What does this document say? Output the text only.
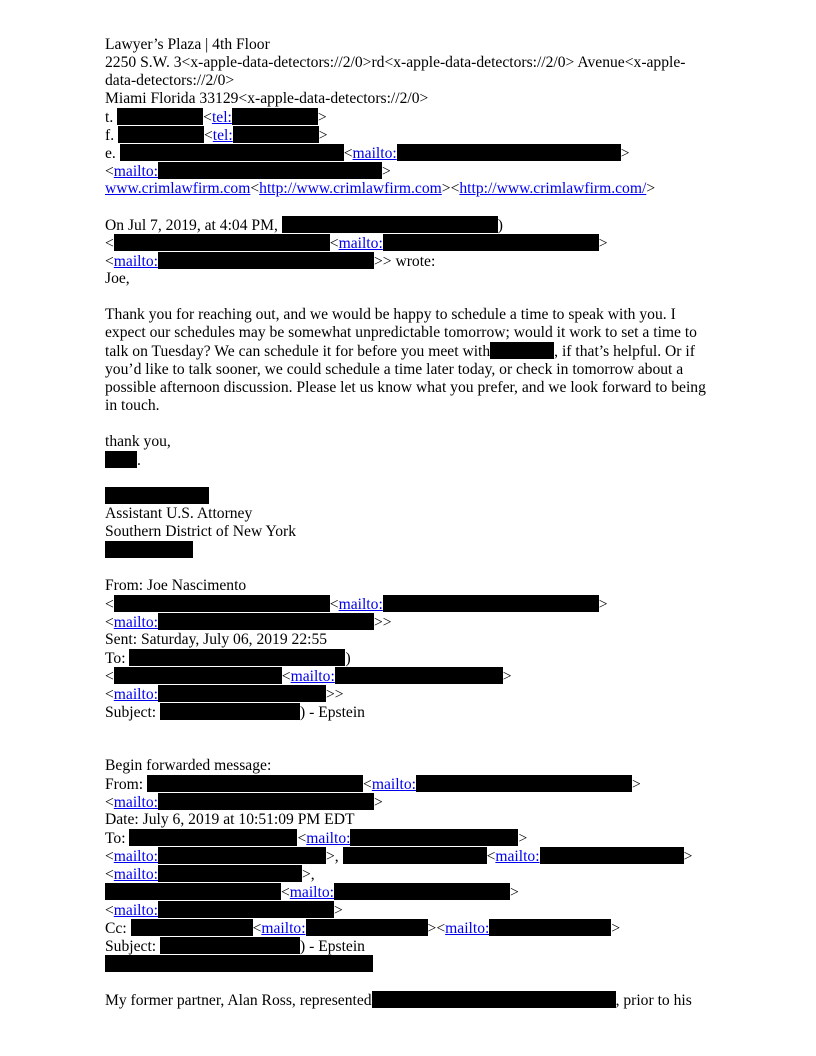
Lawyer’s Plaza | 4th Floor
2250 S.W. 3<x-apple-data-detectors://2/0>rd<x-apple-data-detectors://2/0> Avenue<x-apple-data-detectors://2/0>
Miami Florida 33129<x-apple-data-detectors://2/0>
t.	<tel:	>
f.	<tel:	>
e.	<mailto:	>
<mailto:	>
www.crimlawfirm.com<http://www.crimlawfirm.com><http://www.crimlawfirm.com/>
On Jul 7, 2019, at 4:04 PM,	)
<	<mailto:	>
<mailto:	>> wrote:
Joe,

Thank you for reaching out, and we would be happy to schedule a time to speak with you. I expect our schedules may be somewhat unpredictable tomorrow; would it work to set a time to talk on Tuesday? We can schedule it for before you meet with	, if that’s helpful. Or if you’d like to talk sooner, we could schedule a time later today, or check in tomorrow about a possible afternoon discussion. Please let us know what you prefer, and we look forward to being in touch.

thank you,
.
Assistant U.S. Attorney
Southern District of New York
From: Joe Nascimento
<	<mailto:	>
<mailto:	>>
Sent: Saturday, July 06, 2019 22:55
To:	)
<	<mailto:	>
<mailto:	>>
Subject:	) - Epstein
Begin forwarded message:
From:	<mailto:	>
<mailto:	>
Date: July 6, 2019 at 10:51:09 PM EDT
To:	<mailto:	>
<mailto:	>,	<mailto:	>
<mailto:	>,
<mailto:	>
<mailto:	>
Cc:	<mailto:	><mailto:	>
Subject:	) - Epstein
My former partner, Alan Ross, represented	, prior to his
